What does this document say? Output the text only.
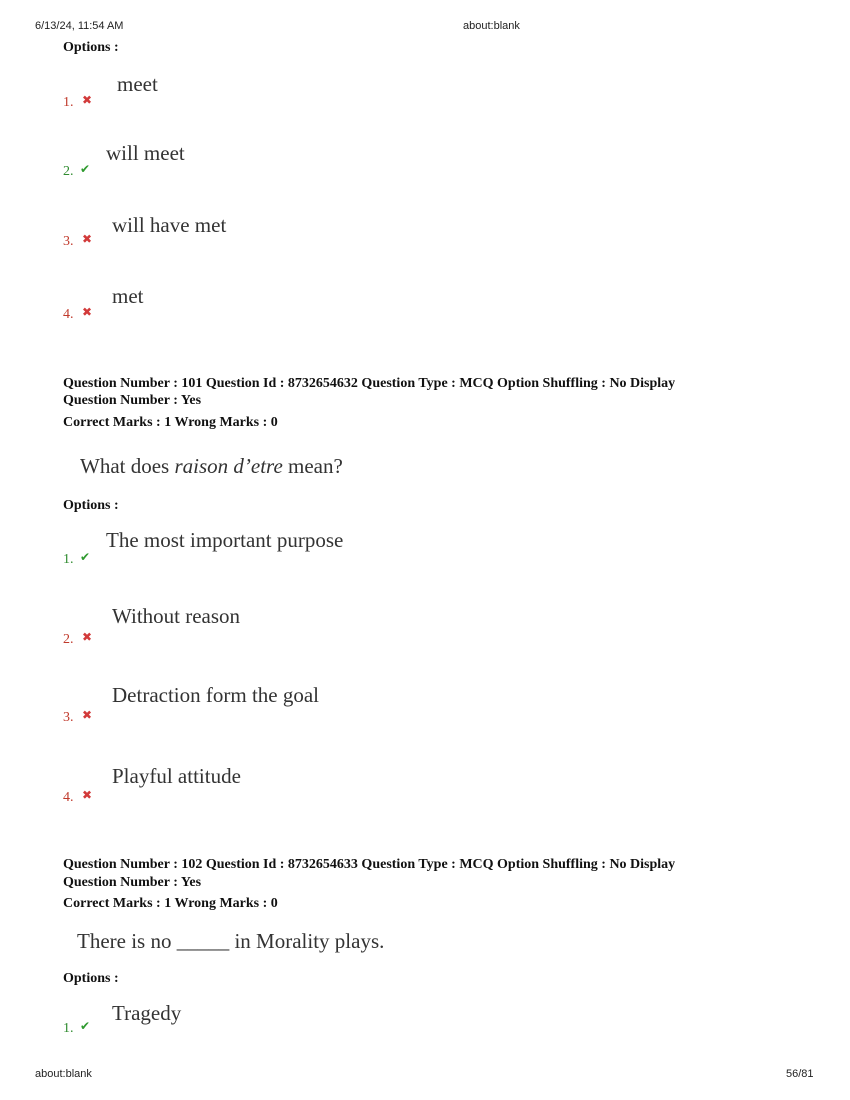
6/13/24, 11:54 AM	about:blank
Options :
1. ✖
meet
2. ✔
will meet
3. ✖
will have met
4. ✖
met
Question Number : 101 Question Id : 8732654632 Question Type : MCQ Option Shuffling : No Display
Question Number : Yes
Correct Marks : 1 Wrong Marks : 0
What does raison d’etre mean?
Options :
1. ✔
The most important purpose
2. ✖
Without reason
3. ✖
Detraction form the goal
4. ✖
Playful attitude
Question Number : 102 Question Id : 8732654633 Question Type : MCQ Option Shuffling : No Display
Question Number : Yes
Correct Marks : 1 Wrong Marks : 0
There is no _____ in Morality plays.
Options :
1. ✔
Tragedy
about:blank	56/81
